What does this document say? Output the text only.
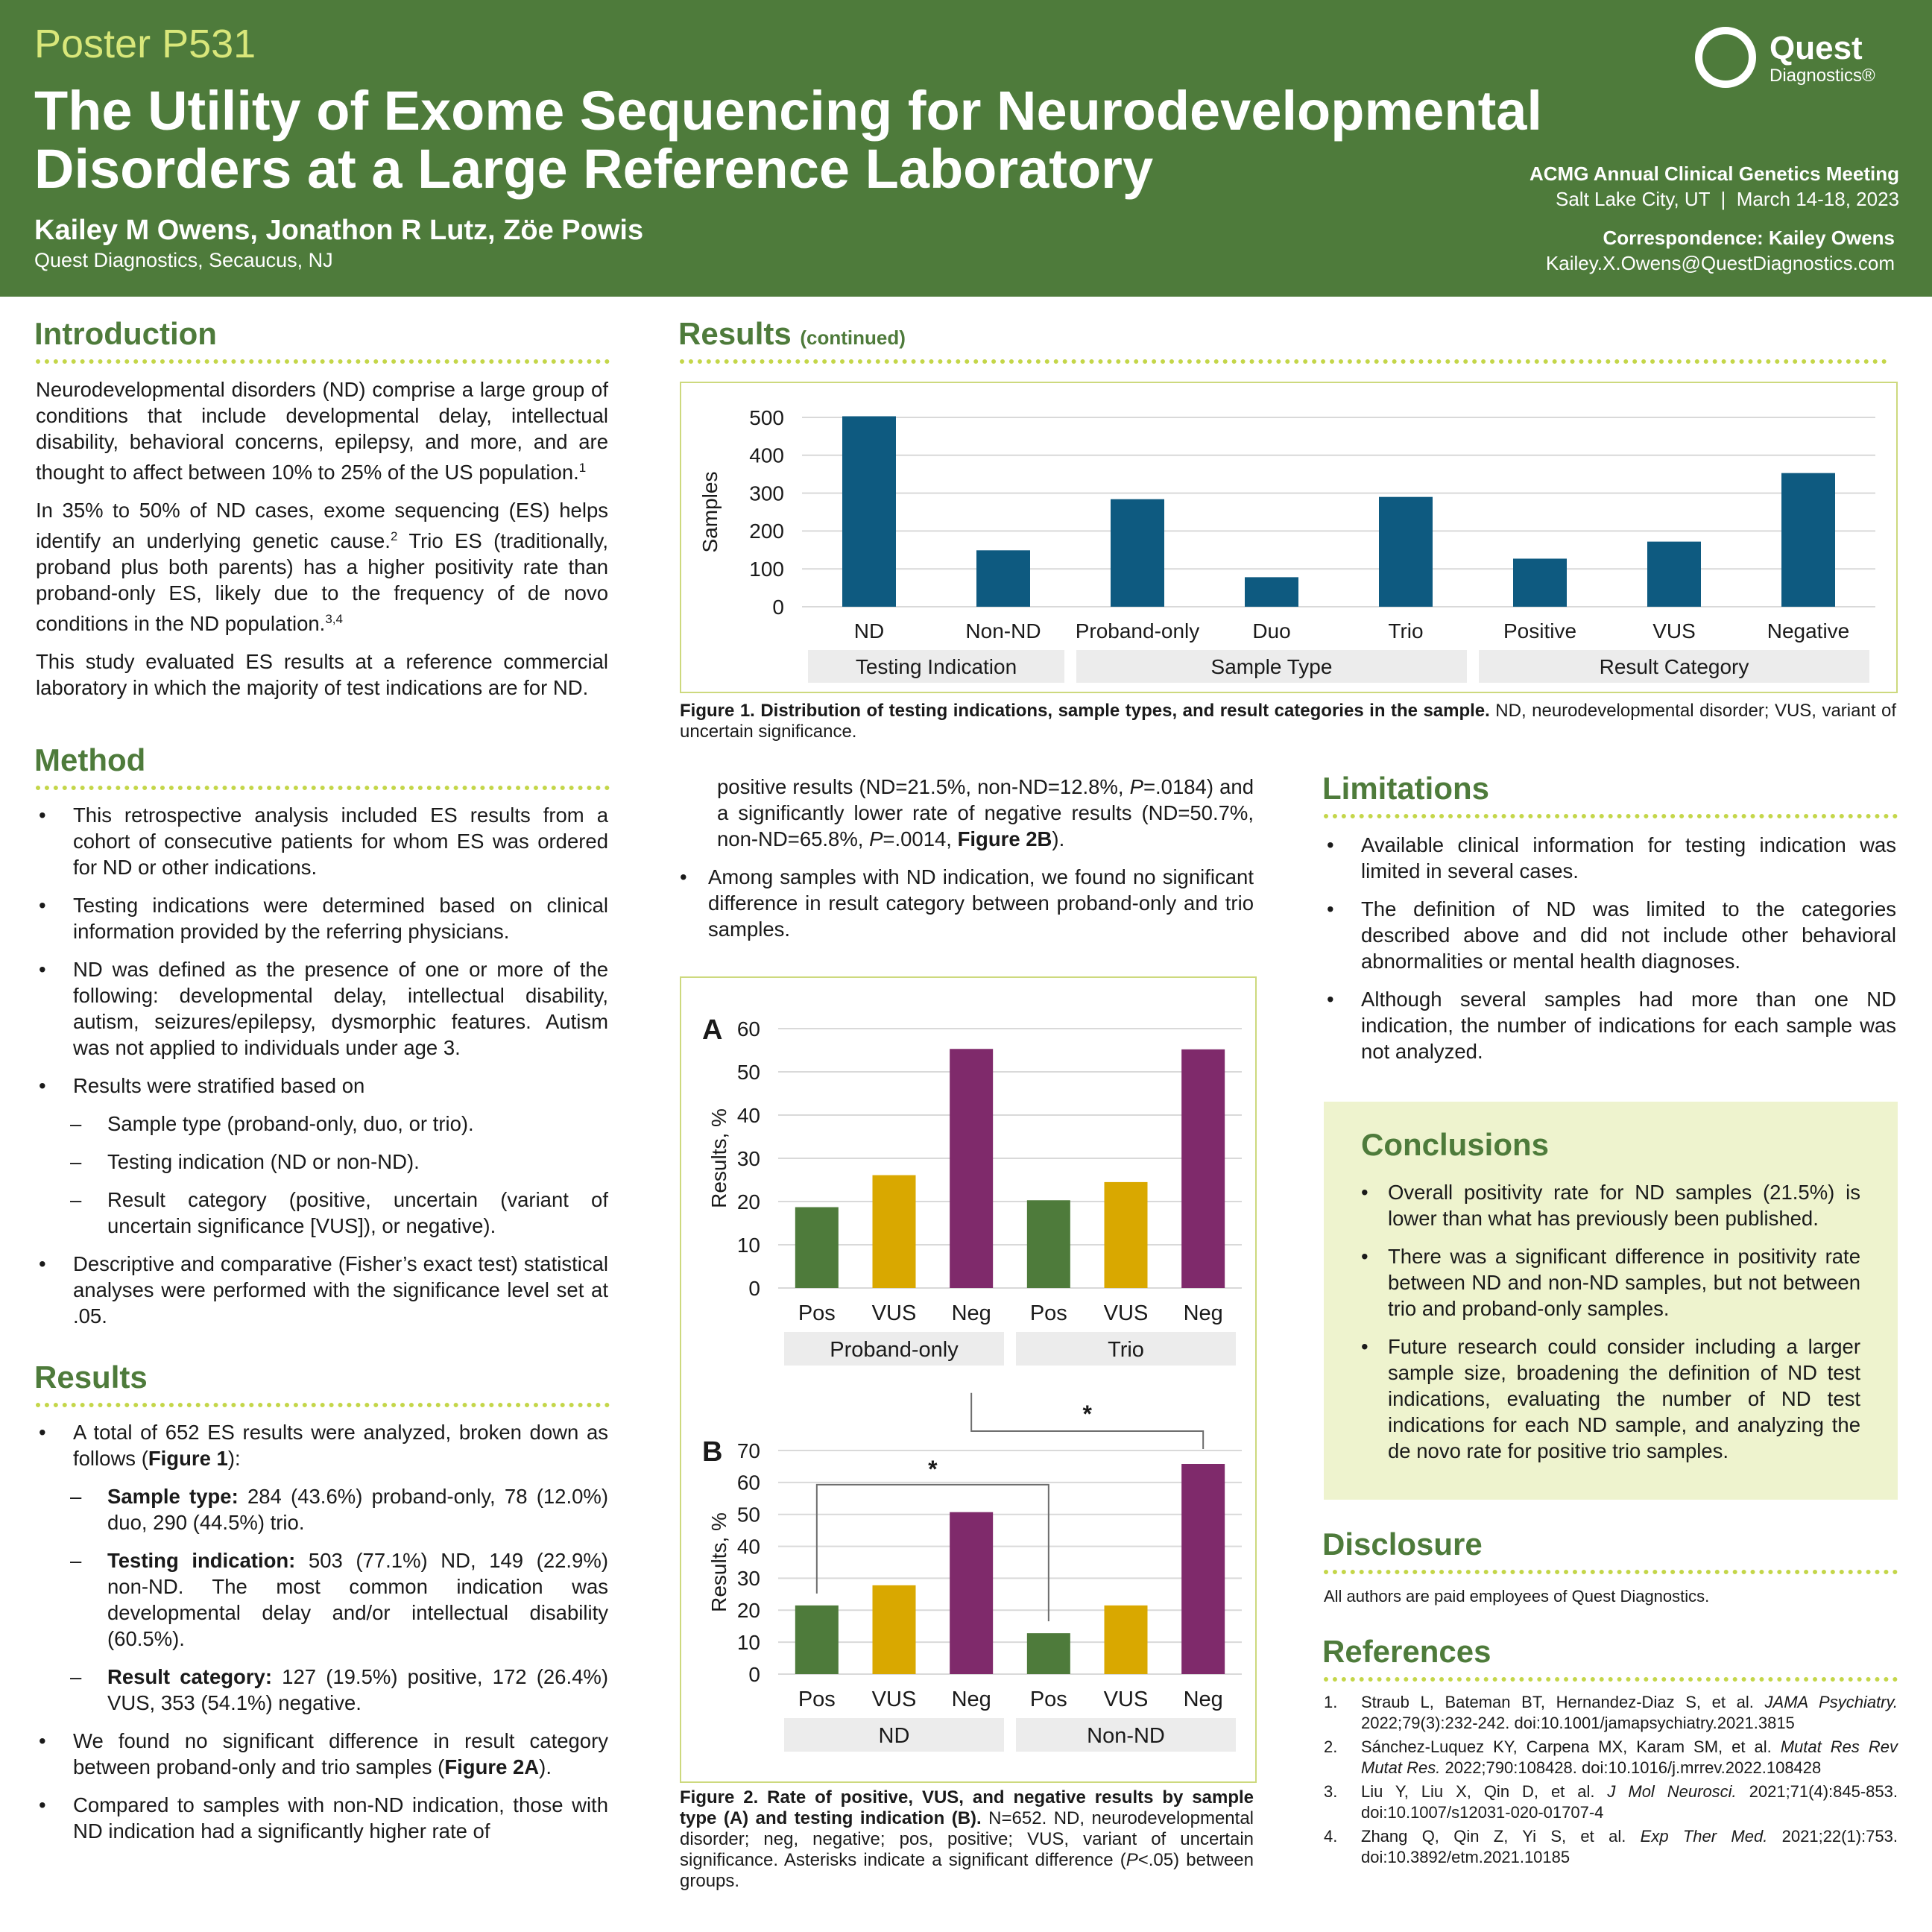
Poster P531
The Utility of Exome Sequencing for Neurodevelopmental Disorders at a Large Reference Laboratory
Kailey M Owens, Jonathon R Lutz, Zöe Powis
Quest Diagnostics, Secaucus, NJ
Quest
Diagnostics®
ACMG Annual Clinical Genetics Meeting
Salt Lake City, UT  |  March 14-18, 2023
Correspondence: Kailey Owens
Kailey.X.Owens@QuestDiagnostics.com
Introduction

Neurodevelopmental disorders (ND) comprise a large group of conditions that include developmental delay, intellectual disability, behavioral concerns, epilepsy, and more, and are thought to affect between 10% to 25% of the US population.$^1$

In 35% to 50% of ND cases, exome sequencing (ES) helps identify an underlying genetic cause.$^2$ Trio ES (traditionally, proband plus both parents) has a higher positivity rate than proband-only ES, likely due to the frequency of de novo conditions in the ND population.$^{3,4}$

This study evaluated ES results at a reference commercial laboratory in which the majority of test indications are for ND.

Method
• This retrospective analysis included ES results from a cohort of consecutive patients for whom ES was ordered for ND or other indications.
• Testing indications were determined based on clinical information provided by the referring physicians.
• ND was defined as the presence of one or more of the following: developmental delay, intellectual disability, autism, seizures/epilepsy, dysmorphic features. Autism was not applied to individuals under age 3.
• Results were stratified based on
– Sample type (proband-only, duo, or trio).
– Testing indication (ND or non-ND).
– Result category (positive, uncertain (variant of uncertain significance [VUS]), or negative).
• Descriptive and comparative (Fisher’s exact test) statistical analyses were performed with the significance level set at .05.
Results
• A total of 652 ES results were analyzed, broken down as follows (Figure 1):
– Sample type: 284 (43.6%) proband-only, 78 (12.0%) duo, 290 (44.5%) trio.
– Testing indication: 503 (77.1%) ND, 149 (22.9%) non-ND. The most common indication was developmental delay and/or intellectual disability (60.5%).
– Result category: 127 (19.5%) positive, 172 (26.4%) VUS, 353 (54.1%) negative.
• We found no significant difference in result category between proband-only and trio samples (Figure 2A).
• Compared to samples with non-ND indication, those with ND indication had a significantly higher rate of
Results (continued)
0
100
200
300
400
500
Samples
ND	Non-ND Proband-only	Duo	Trio	Positive	VUS	Negative
Testing Indication	Sample Type	Result Category
Figure 1. Distribution of testing indications, sample types, and result categories in the sample. ND, neurodevelopmental disorder; VUS, variant of uncertain significance.
positive results (ND=21.5%, non-ND=12.8%, P=.0184) and a significantly lower rate of negative results (ND=50.7%, non-ND=65.8%, P=.0014, Figure 2B).
• Among samples with ND indication, we found no significant difference in result category between proband-only and trio samples.
A
0
10
20
30
40
50
60
Results, %
Pos VUS Neg Pos VUS Neg
Proband-only	Trio
B
0
10
20
30
40
50
60
70
Results, %
Pos VUS Neg Pos VUS Neg
ND	Non-ND
*
*
Figure 2. Rate of positive, VUS, and negative results by sample type (A) and testing indication (B). N=652. ND, neurodevelopmental disorder; neg, negative; pos, positive; VUS, variant of uncertain significance. Asterisks indicate a significant difference (P<.05) between groups.
Limitations
• Available clinical information for testing indication was limited in several cases.
• The definition of ND was limited to the categories described above and did not include other behavioral abnormalities or mental health diagnoses.
• Although several samples had more than one ND indication, the number of indications for each sample was not analyzed.
Conclusions
• Overall positivity rate for ND samples (21.5%) is lower than what has previously been published.
• There was a significant difference in positivity rate between ND and non-ND samples, but not between trio and proband-only samples.
• Future research could consider including a larger sample size, broadening the definition of ND test indications, evaluating the number of ND test indications for each ND sample, and analyzing the de novo rate for positive trio samples.
Disclosure
All authors are paid employees of Quest Diagnostics.
References
1. Straub L, Bateman BT, Hernandez-Diaz S, et al. JAMA Psychiatry. 2022;79(3):232-242. doi:10.1001/jamapsychiatry.2021.3815
2. Sánchez-Luquez KY, Carpena MX, Karam SM, et al. Mutat Res Rev Mutat Res. 2022;790:108428. doi:10.1016/j.mrrev.2022.108428
3. Liu Y, Liu X, Qin D, et al. J Mol Neurosci. 2021;71(4):845-853. doi:10.1007/s12031-020-01707-4
4. Zhang Q, Qin Z, Yi S, et al. Exp Ther Med. 2021;22(1):753. doi:10.3892/etm.2021.10185
